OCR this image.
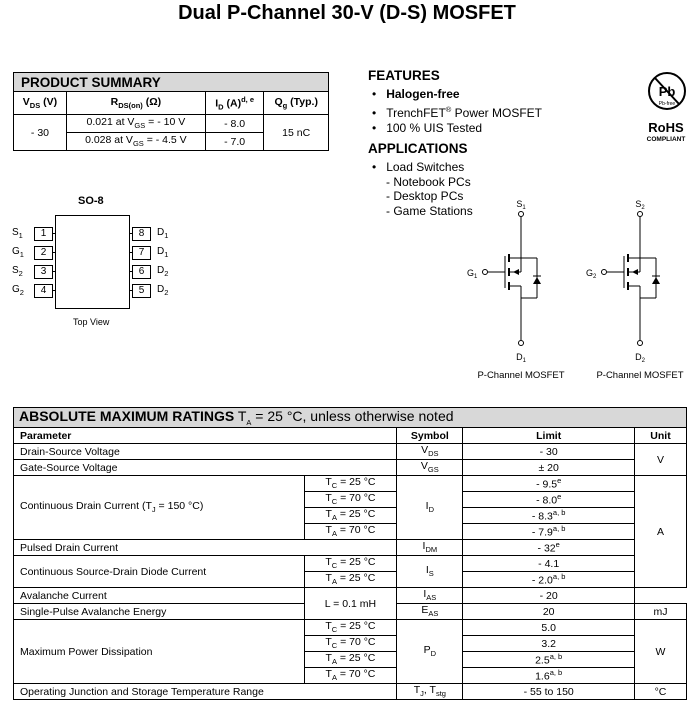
Dual P-Channel 30-V (D-S) MOSFET
PRODUCT SUMMARY			
$V_{DS}$ (V)	$R_{DS(on)}$ (Ω)	$I_D$ $(A)^{d, e}$	$Q_g$ (Typ.)
- 30	0.021 at $V_{GS}$ = - 10 V	- 8.0	15 nC
	0.028 at $V_{GS}$ = - 4.5 V	- 7.0	
FEATURES
•   Halogen-free
•   TrenchFET® Power MOSFET
•   100 % UIS Tested
APPLICATIONS
•   Load Switches
- Notebook PCs
- Desktop PCs
- Game Stations
Pb
Pb-free
RoHS
COMPLIANT
SO-8
$S_1$	1
$G_1$	2
$S_2$	3
$G_2$	4
8	$D_1$
7	$D_1$
6	$D_2$
5	$D_2$
Top View
$S_1$
$D_1$
$G_1$
P-Channel MOSFET
$S_2$
$D_2$
$G_2$
P-Channel MOSFET
ABSOLUTE MAXIMUM RATINGS $T_A = 25$ °C, unless otherwise noted				
Parameter		Symbol	Limit	Unit
Drain-Source Voltage		$V_{DS}$	- 30	V
Gate-Source Voltage		$V_{GS}$	± 20	
Continuous Drain Current ($T_J = 150$ °C)	$T_C = 25$ °C	$I_D$	- 9.5e	A
	$T_C = 70$ °C		- 8.0e
	$T_A = 25$ °C		- 8.3$^{a, b}$
	$T_A = 70$ °C		- 7.9$^{a, b}$
Pulsed Drain Current		$I_{DM}$	- 32e
Continuous Source-Drain Diode Current	$T_C = 25$ °C	$I_S$	- 4.1	
	$T_A = 25$ °C		- 2.0$^{a, b}$
Avalanche Current	L = 0.1 mH	$I_{AS}$	- 20	
Single-Pulse Avalanche Energy		$E_{AS}$	20	mJ
Maximum Power Dissipation	$T_C = 25$ °C	$P_D$	5.0	W
	$T_C = 70$ °C		3.2	
	$T_A = 25$ °C		2.5$^{a, b}$
	$T_A = 70$ °C		1.6$^{a, b}$
Operating Junction and Storage Temperature Range		$T_J$, $T_{stg}$	- 55 to 150	°C
